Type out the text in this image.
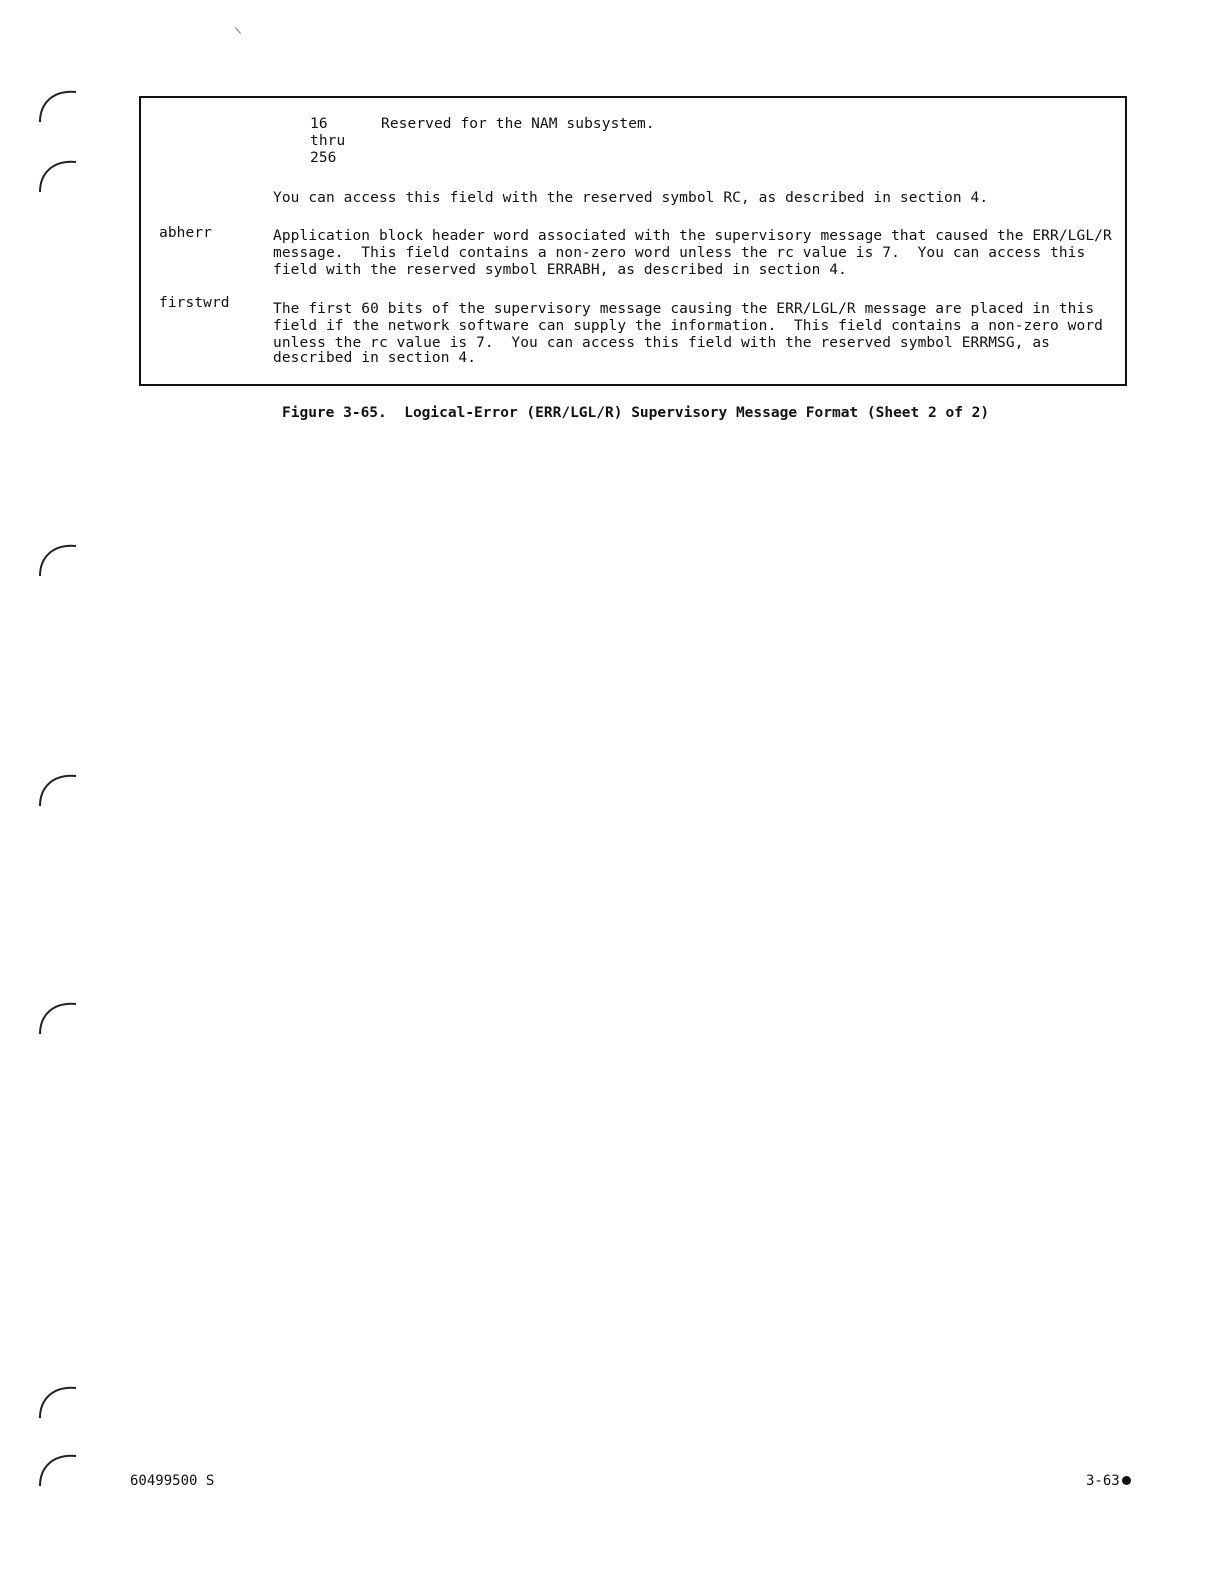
16	Reserved for the NAM subsystem.
thru
256
You can access this field with the reserved symbol RC, as described in section 4.
abherr	Application block header word associated with the supervisory message that caused the ERR/LGL/R
message.  This field contains a non-zero word unless the rc value is 7.  You can access this
field with the reserved symbol ERRABH, as described in section 4.
firstwrd	The first 60 bits of the supervisory message causing the ERR/LGL/R message are placed in this
field if the network software can supply the information.  This field contains a non-zero word
unless the rc value is 7.  You can access this field with the reserved symbol ERRMSG, as
described in section 4.
Figure 3-65.  Logical-Error (ERR/LGL/R) Supervisory Message Format (Sheet 2 of 2)
60499500 S	3-63
